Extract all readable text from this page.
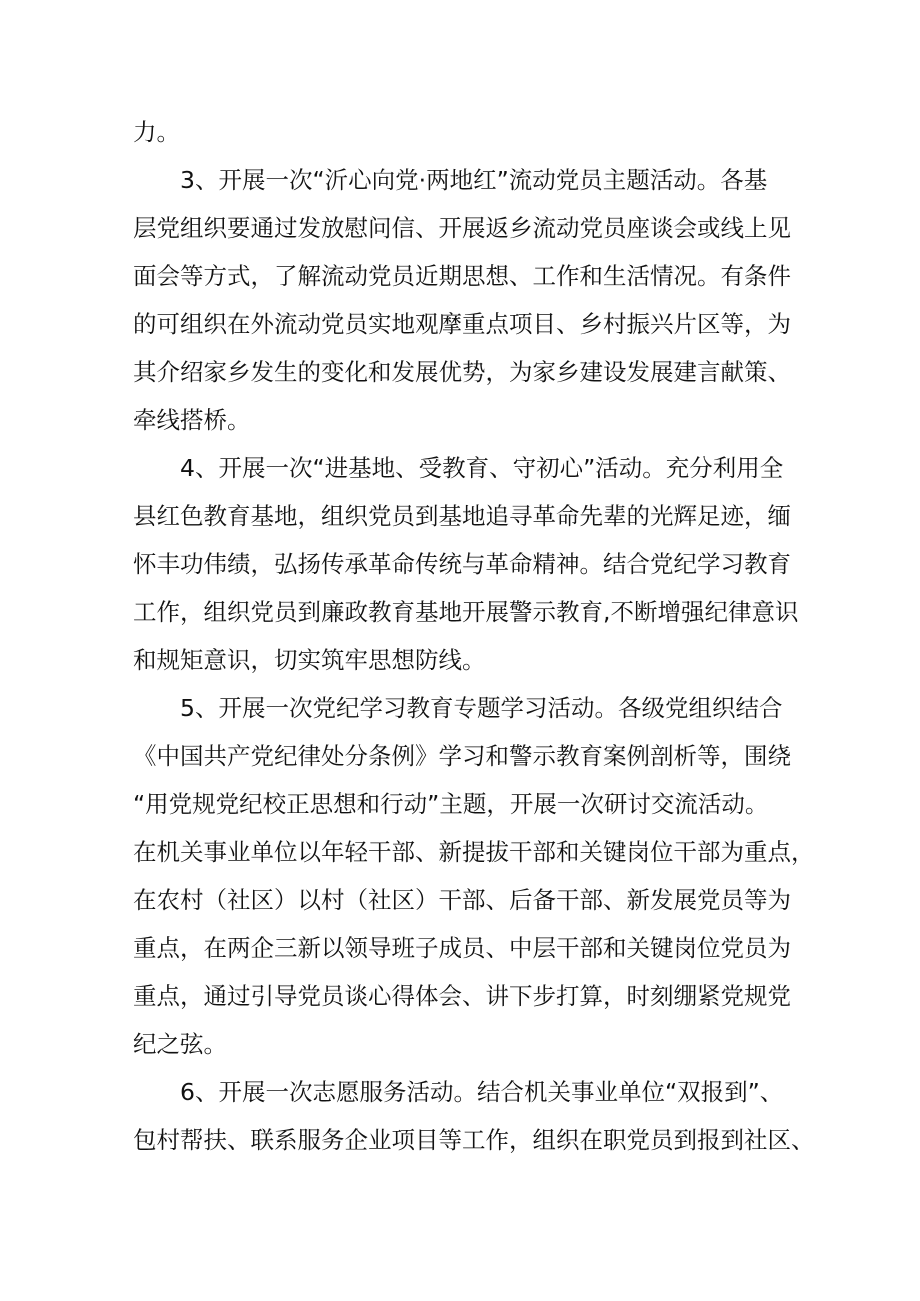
力。
3、开展一次“沂心向党·两地红”流动党员主题活动。各基
层党组织要通过发放慰问信、开展返乡流动党员座谈会或线上见
面会等方式，了解流动党员近期思想、工作和生活情况。有条件
的可组织在外流动党员实地观摩重点项目、乡村振兴片区等，为
其介绍家乡发生的变化和发展优势，为家乡建设发展建言献策、
牵线搭桥。
4、开展一次“进基地、受教育、守初心”活动。充分利用全
县红色教育基地，组织党员到基地追寻革命先辈的光辉足迹，缅
怀丰功伟绩，弘扬传承革命传统与革命精神。结合党纪学习教育
工作，组织党员到廉政教育基地开展警示教育,不断增强纪律意识
和规矩意识，切实筑牢思想防线。
5、开展一次党纪学习教育专题学习活动。各级党组织结合
《中国共产党纪律处分条例》学习和警示教育案例剖析等，围绕
“用党规党纪校正思想和行动”主题，开展一次研讨交流活动。
在机关事业单位以年轻干部、新提拔干部和关键岗位干部为重点，
在农村（社区）以村（社区）干部、后备干部、新发展党员等为
重点，在两企三新以领导班子成员、中层干部和关键岗位党员为
重点，通过引导党员谈心得体会、讲下步打算，时刻绷紧党规党
纪之弦。
6、开展一次志愿服务活动。结合机关事业单位“双报到”、
包村帮扶、联系服务企业项目等工作，组织在职党员到报到社区、
